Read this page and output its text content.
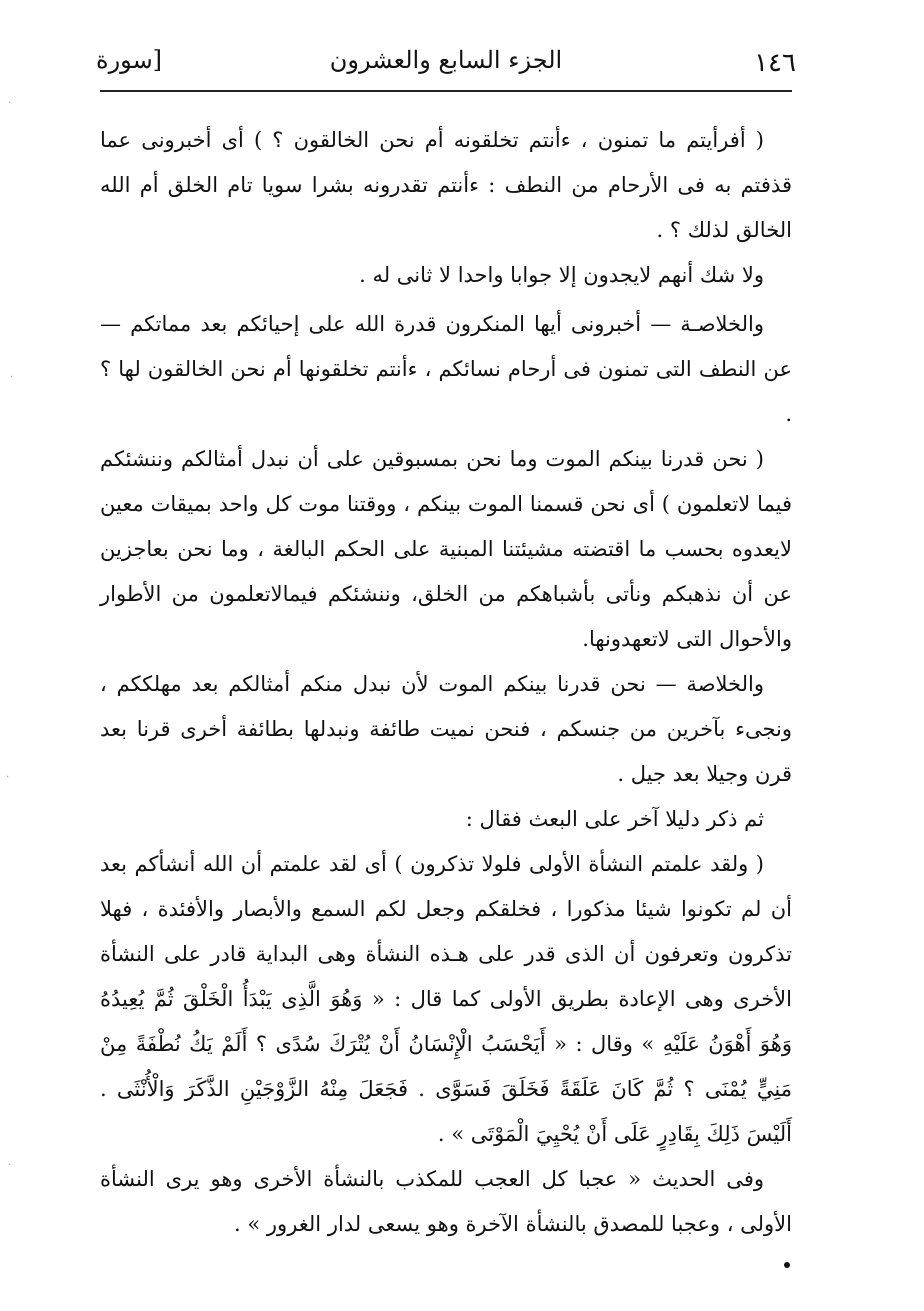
١٤٦
الجزء السابع والعشرون
[سورة

( أفرأيتم ما تمنون ، ءأنتم تخلقونه أم نحن الخالقون ؟ ) أى أخبرونى عما قذفتم به فى الأرحام من النطف : ءأنتم تقدرونه بشرا سويا تام الخلق أم الله الخالق لذلك ؟ .

ولا شك أنهم لايجدون إلا جوابا واحدا لا ثانى له .

والخلاصـة — أخبرونى أيها المنكرون قدرة الله على إحيائكم بعد مماتكم — عن النطف التى تمنون فى أرحام نسائكم ، ءأنتم تخلقونها أم نحن الخالقون لها ؟ .

( نحن قدرنا بينكم الموت وما نحن بمسبوقين على أن نبدل أمثالكم وننشئكم فيما لاتعلمون ) أى نحن قسمنا الموت بينكم ، ووقتنا موت كل واحد بميقات معين لايعدوه بحسب ما اقتضته مشيئتنا المبنية على الحكم البالغة ، وما نحن بعاجزين عن أن نذهبكم ونأتى بأشباهكم من الخلق، وننشئكم فيمالاتعلمون من الأطوار والأحوال التى لاتعهدونها.

والخلاصة — نحن قدرنا بينكم الموت لأن نبدل منكم أمثالكم بعد مهلككم ، ونجىء بآخرين من جنسكم ، فنحن نميت طائفة ونبدلها بطائفة أخرى قرنا بعد قرن وجيلا بعد جيل .

ثم ذكر دليلا آخر على البعث فقال :

( ولقد علمتم النشأة الأولى فلولا تذكرون ) أى لقد علمتم أن الله أنشأكم بعد أن لم تكونوا شيئا مذكورا ، فخلقكم وجعل لكم السمع والأبصار والأفئدة ، فهلا تذكرون وتعرفون أن الذى قدر على هـذه النشأة وهى البداية قادر على النشأة الأخرى وهى الإعادة بطريق الأولى كما قال : « وَهُوَ الَّذِى يَبْدَأُ الْخَلْقَ ثُمَّ يُعِيدُهُ وَهُوَ أَهْوَنُ عَلَيْهِ » وقال : « أَيَحْسَبُ الْإِنْسَانُ أَنْ يُتْرَكَ سُدًى ؟ أَلَمْ يَكُ نُطْفَةً مِنْ مَنِيٍّ يُمْنَى ؟ ثُمَّ كَانَ عَلَقَةً فَخَلَقَ فَسَوَّى . فَجَعَلَ مِنْهُ الزَّوْجَيْنِ الذَّكَرَ وَالْأُنْثَى . أَلَيْسَ ذَلِكَ بِقَادِرٍ عَلَى أَنْ يُحْيِيَ الْمَوْتَى » .

وفى الحديث « عجبا كل العجب للمكذب بالنشأة الأخرى وهو يرى النشأة الأولى ، وعجبا للمصدق بالنشأة الآخرة وهو يسعى لدار الغرور » .

·
·
·
·
